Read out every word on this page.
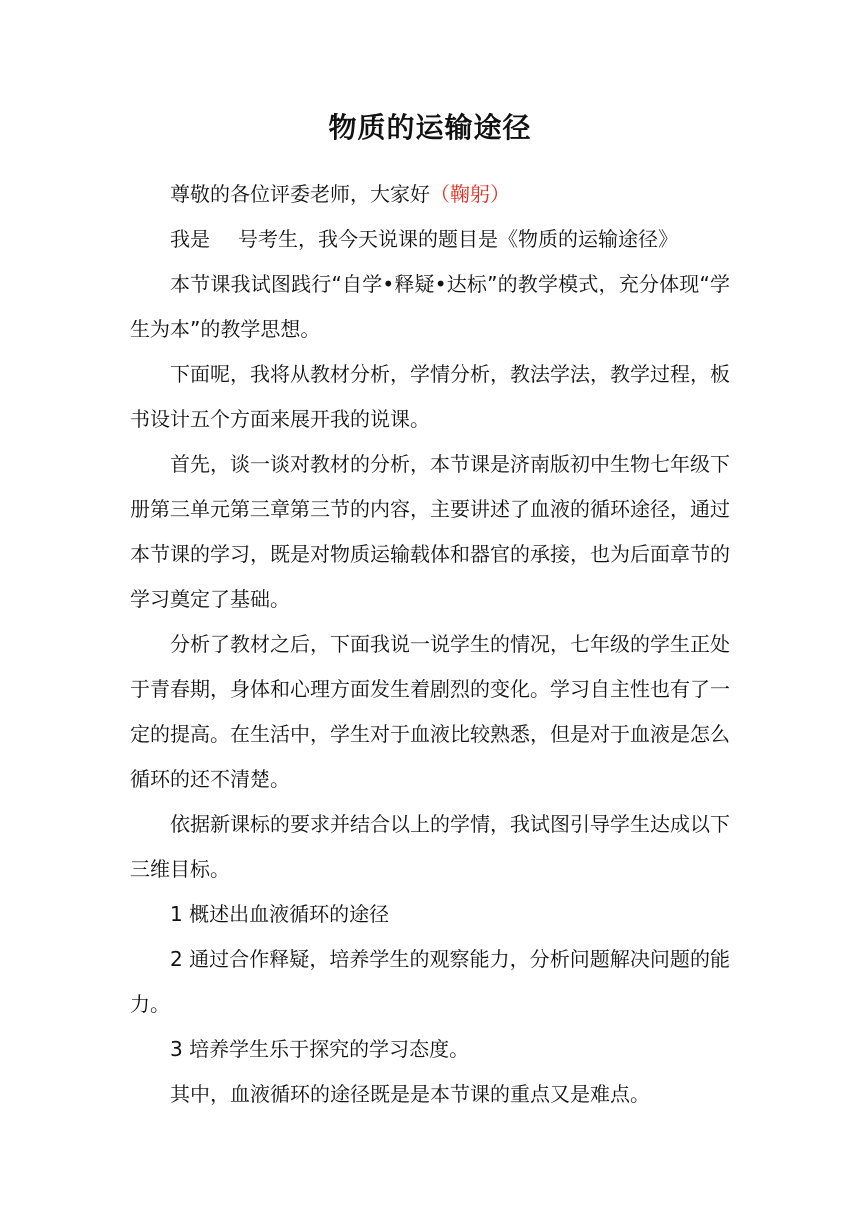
物质的运输途径

尊敬的各位评委老师，大家好（鞠躬）

我是 号考生，我今天说课的题目是《物质的运输途径》

本节课我试图践行“自学•释疑•达标”的教学模式，充分体现“学生为本”的教学思想。

下面呢，我将从教材分析，学情分析，教法学法，教学过程，板书设计五个方面来展开我的说课。

首先，谈一谈对教材的分析，本节课是济南版初中生物七年级下册第三单元第三章第三节的内容，主要讲述了血液的循环途径，通过本节课的学习，既是对物质运输载体和器官的承接，也为后面章节的学习奠定了基础。

分析了教材之后，下面我说一说学生的情况，七年级的学生正处于青春期，身体和心理方面发生着剧烈的变化。学习自主性也有了一定的提高。在生活中，学生对于血液比较熟悉，但是对于血液是怎么循环的还不清楚。

依据新课标的要求并结合以上的学情，我试图引导学生达成以下三维目标。

1 概述出血液循环的途径

2 通过合作释疑，培养学生的观察能力，分析问题解决问题的能力。

3 培养学生乐于探究的学习态度。

其中，血液循环的途径既是是本节课的重点又是难点。
